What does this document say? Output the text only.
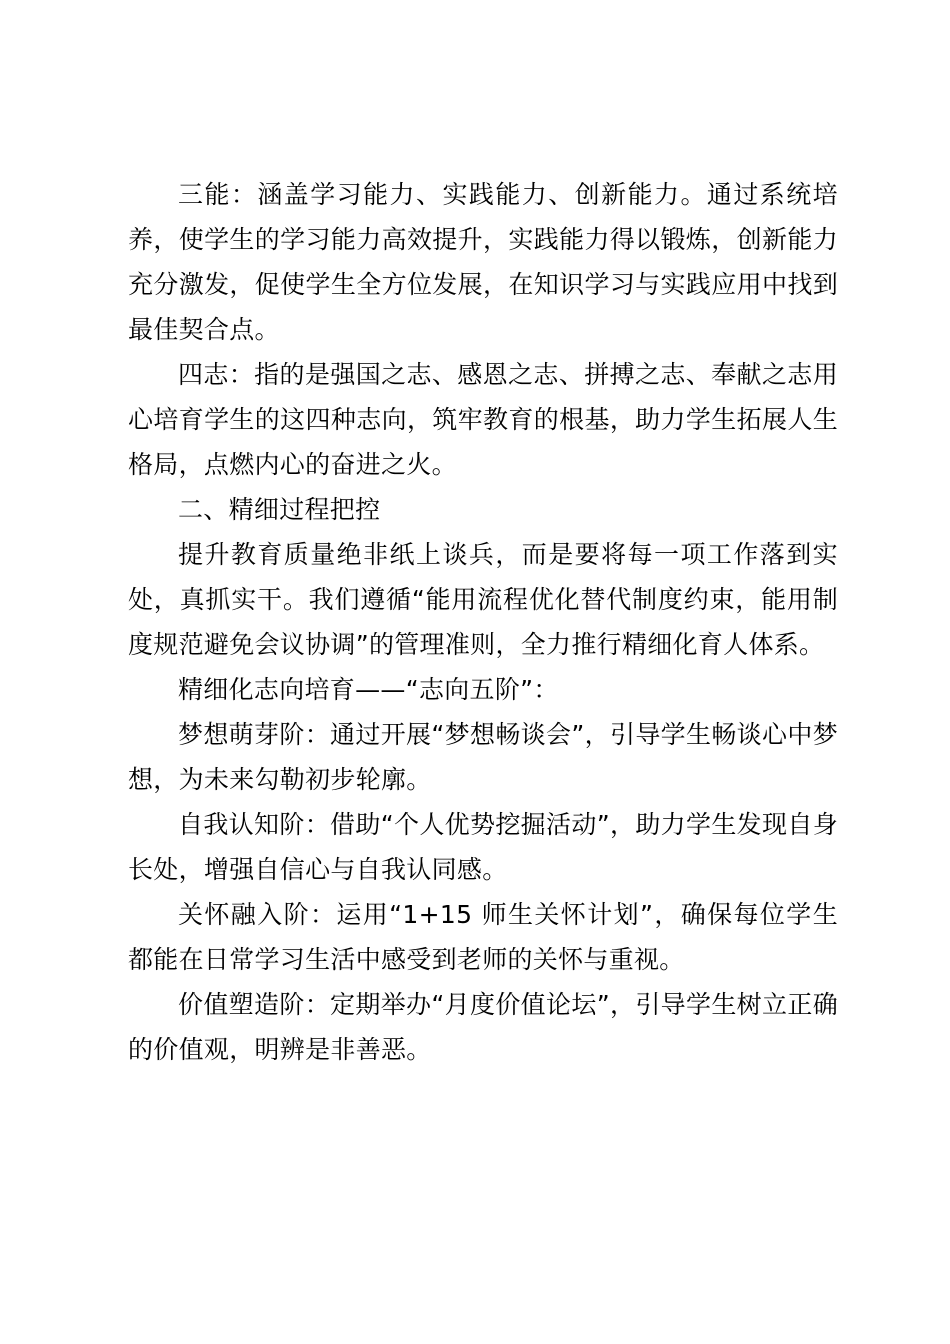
三能：涵盖学习能力、实践能力、创新能力。通过系统培养，使学生的学习能力高效提升，实践能力得以锻炼，创新能力充分激发，促使学生全方位发展，在知识学习与实践应用中找到最佳契合点。

四志：指的是强国之志、感恩之志、拼搏之志、奉献之志用心培育学生的这四种志向，筑牢教育的根基，助力学生拓展人生格局，点燃内心的奋进之火。

二、精细过程把控

提升教育质量绝非纸上谈兵，而是要将每一项工作落到实处，真抓实干。我们遵循“能用流程优化替代制度约束，能用制度规范避免会议协调”的管理准则，全力推行精细化育人体系。

精细化志向培育——“志向五阶”：

梦想萌芽阶：通过开展“梦想畅谈会”，引导学生畅谈心中梦想，为未来勾勒初步轮廓。

自我认知阶：借助“个人优势挖掘活动”，助力学生发现自身长处，增强自信心与自我认同感。

关怀融入阶：运用“1+15 师生关怀计划”，确保每位学生都能在日常学习生活中感受到老师的关怀与重视。

价值塑造阶：定期举办“月度价值论坛”，引导学生树立正确的价值观，明辨是非善恶。
